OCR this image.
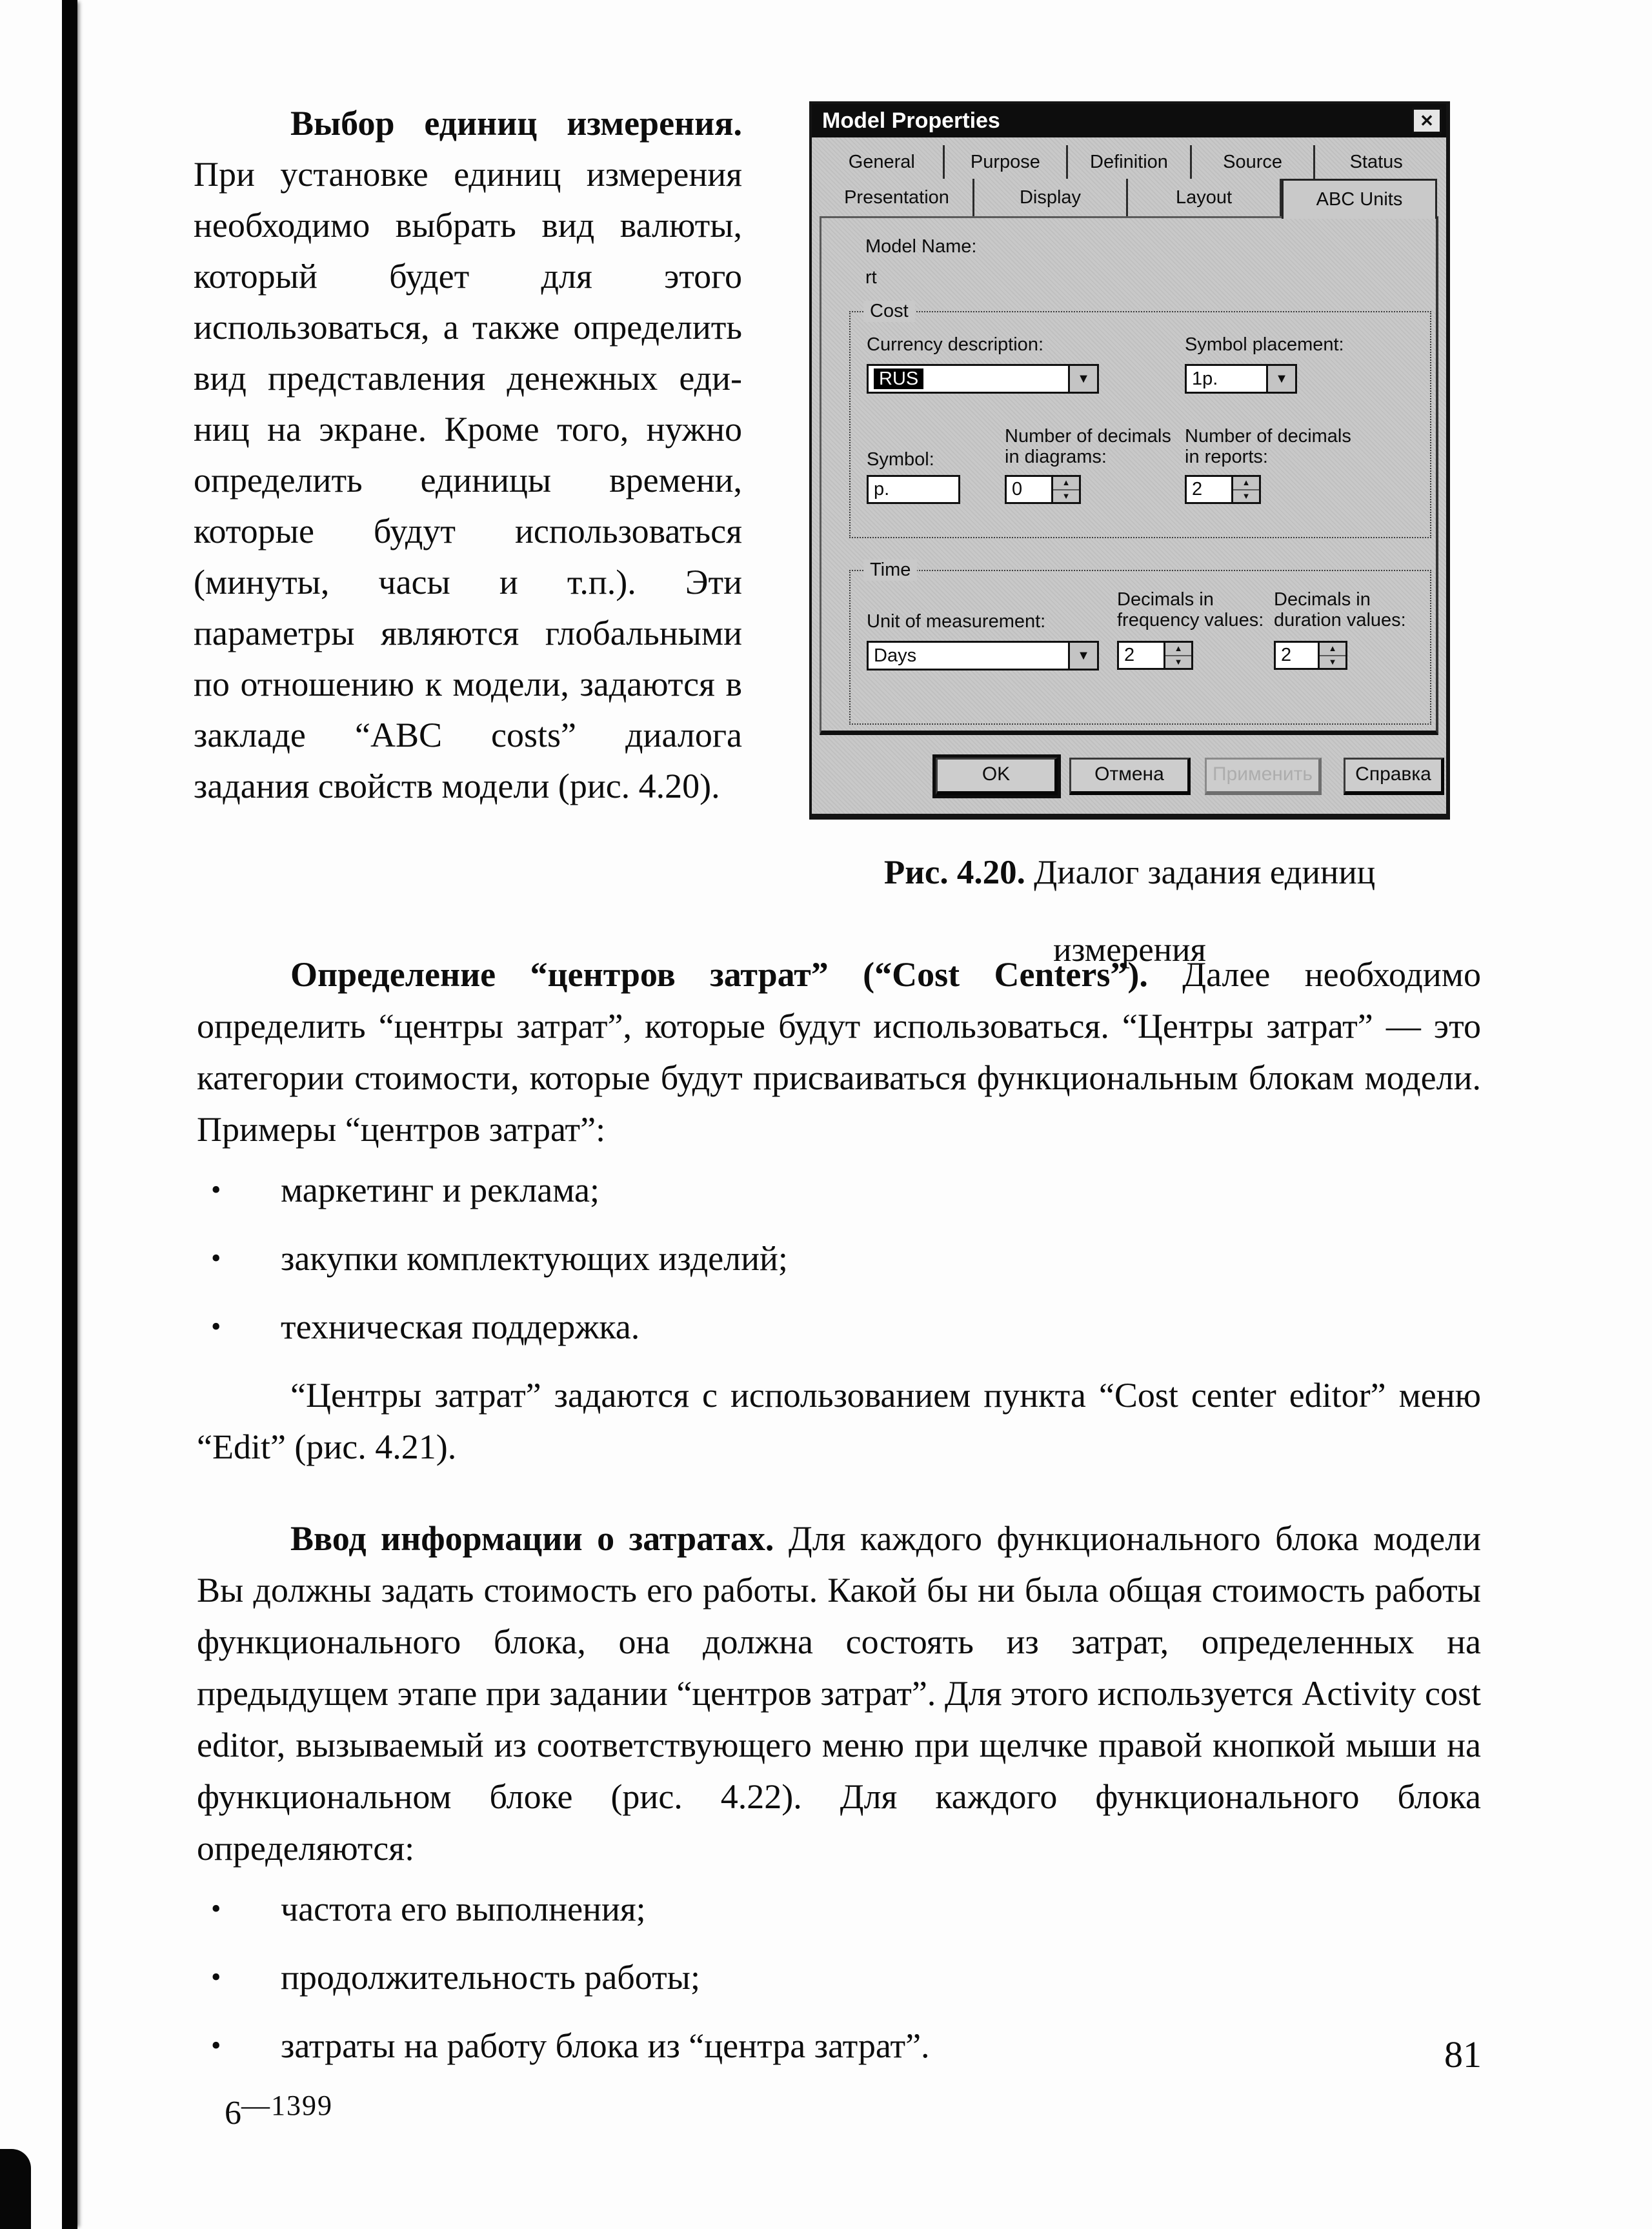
Выбор единиц измерения. При установке единиц измерения необходимо выбрать вид валюты, который будет для этого использоваться, а также определить вид представления денежных единиц на экране. Кроме того, нужно определить единицы времени, которые будут использоваться (минуты, часы и т.п.). Эти параметры являются глобальными по отношению к модели, задаются в закладе “ABC costs” диалога задания свойств модели (рис. 4.20).

Model Properties	✕
General	Purpose	Definition	Source	Status
Presentation	Display	Layout	ABC Units
Model Name:
rt
Cost
Currency description:
RUS	▼
Symbol placement:
1p.	▼
Number of decimals
in diagrams:
Number of decimals
in reports:
Symbol:
p.	0	▲
▼	2	▲
▼
Time
Decimals in
frequency values:
Decimals in
duration values:
Unit of measurement:
Days	▼	2	▲
▼	2	▲
▼
OK	Отмена	Применить	Справка
Рис. 4.20. Диалог задания единиц измерения

Определение “центров затрат” (“Cost Centers”). Далее необходимо определить “центры затрат”, которые будут использоваться. “Центры затрат” — это категории стоимости, которые будут присваиваться функциональным блокам модели. Примеры “центров затрат”:

•	маркетинг и реклама;
•	закупки комплектующих изделий;
•	техническая поддержка.

“Центры затрат” задаются с использованием пункта “Cost center editor” меню “Edit” (рис. 4.21).

Ввод информации о затратах. Для каждого функционального блока модели Вы должны задать стоимость его работы. Какой бы ни была общая стоимость работы функционального блока, она должна состоять из затрат, определенных на предыдущем этапе при задании “центров затрат”. Для этого используется Activity cost editor, вызываемый из соответствующего меню при щелчке правой кнопкой мыши на функциональном блоке (рис. 4.22). Для каждого функционального блока определяются:

•	частота его выполнения;
•	продолжительность работы;
•	затраты на работу блока из “центра затрат”.	81
$6^{—1399}$
